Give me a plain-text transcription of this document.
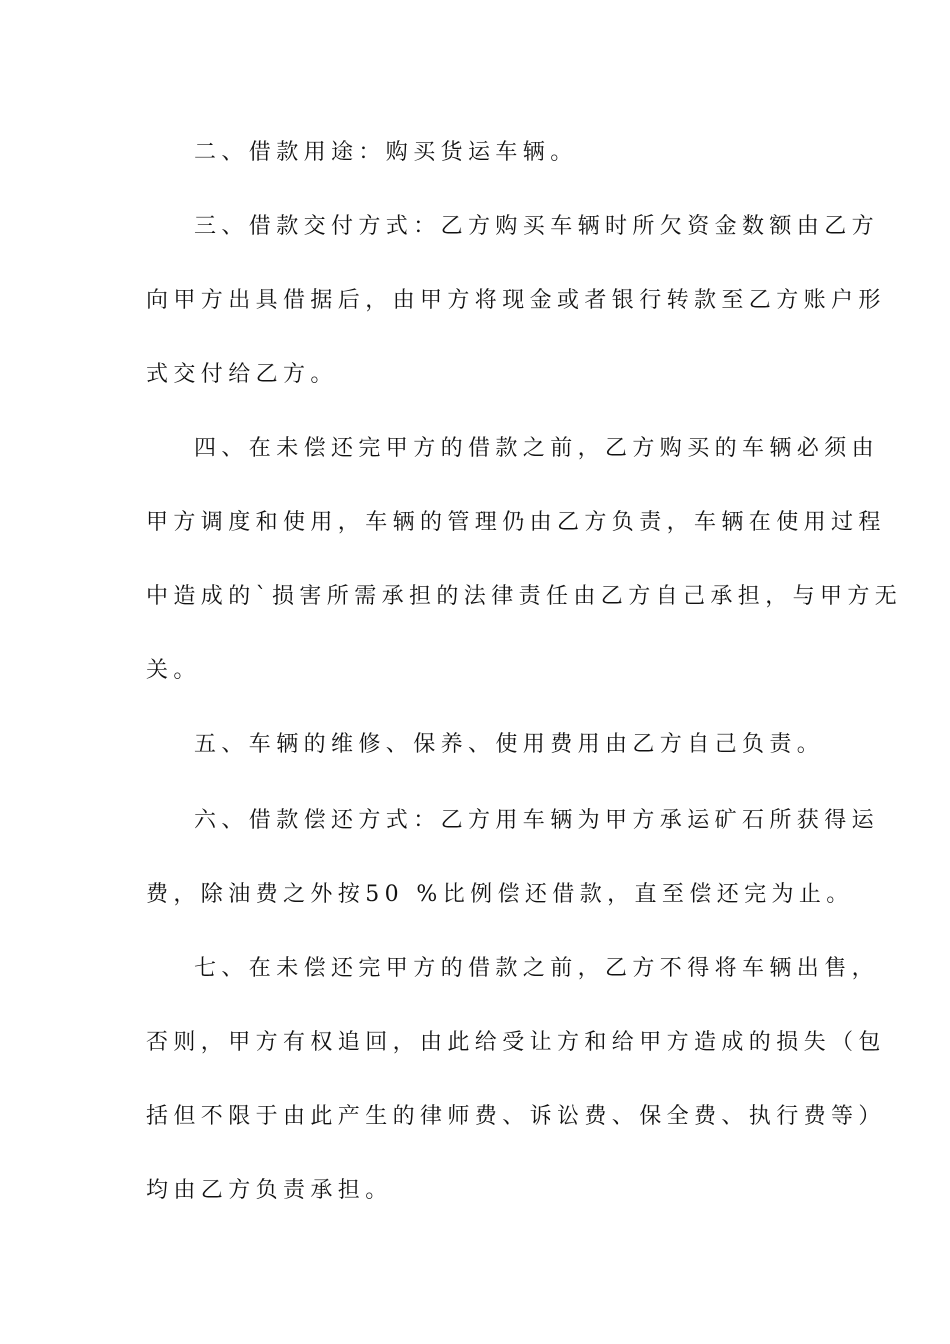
二、借款用途：购买货运车辆。
三、借款交付方式：乙方购买车辆时所欠资金数额由乙方
向甲方出具借据后，由甲方将现金或者银行转款至乙方账户形
式交付给乙方。
四、在未偿还完甲方的借款之前，乙方购买的车辆必须由
甲方调度和使用，车辆的管理仍由乙方负责，车辆在使用过程
中造成的`损害所需承担的法律责任由乙方自己承担，与甲方无
关。
五、车辆的维修、保养、使用费用由乙方自己负责。
六、借款偿还方式：乙方用车辆为甲方承运矿石所获得运
费，除油费之外按50 %比例偿还借款，直至偿还完为止。
七、在未偿还完甲方的借款之前，乙方不得将车辆出售，
否则，甲方有权追回，由此给受让方和给甲方造成的损失（包
括但不限于由此产生的律师费、诉讼费、保全费、执行费等）
均由乙方负责承担。
